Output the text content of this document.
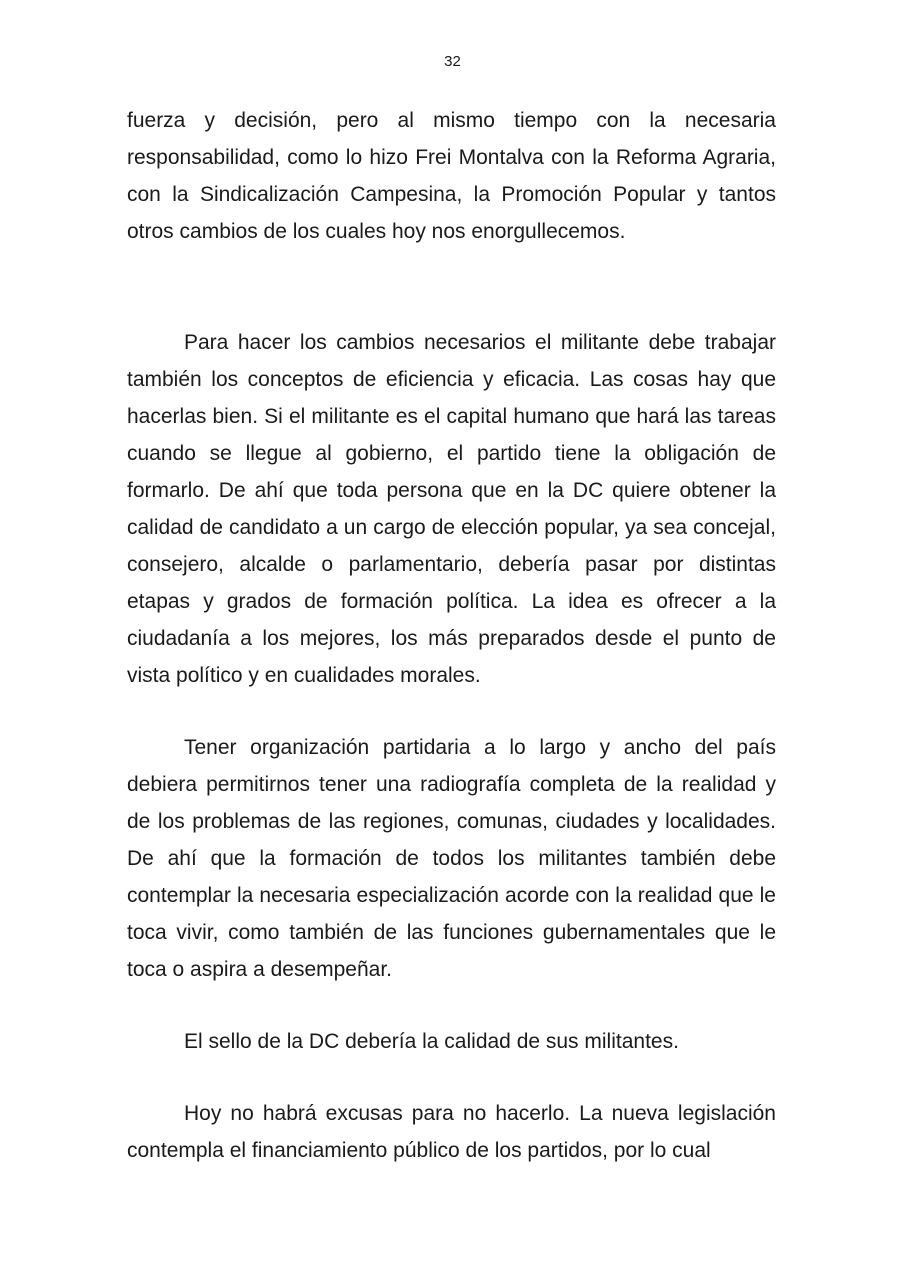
32

fuerza y decisión, pero al mismo tiempo con la necesaria responsabilidad, como lo hizo Frei Montalva con la Reforma Agraria, con la Sindicalización Campesina, la Promoción Popular y tantos otros cambios de los cuales hoy nos enorgullecemos.

Para hacer los cambios necesarios el militante debe trabajar también los conceptos de eficiencia y eficacia. Las cosas hay que hacerlas bien. Si el militante es el capital humano que hará las tareas cuando se llegue al gobierno, el partido tiene la obligación de formarlo. De ahí que toda persona que en la DC quiere obtener la calidad de candidato a un cargo de elección popular, ya sea concejal, consejero, alcalde o parlamentario, debería pasar por distintas etapas y grados de formación política. La idea es ofrecer a la ciudadanía a los mejores, los más preparados desde el punto de vista político y en cualidades morales.

Tener organización partidaria a lo largo y ancho del país debiera permitirnos tener una radiografía completa de la realidad y de los problemas de las regiones, comunas, ciudades y localidades. De ahí que la formación de todos los militantes también debe contemplar la necesaria especialización acorde con la realidad que le toca vivir, como también de las funciones gubernamentales que le toca o aspira a desempeñar.

El sello de la DC debería la calidad de sus militantes.

Hoy no habrá excusas para no hacerlo. La nueva legislación contempla el financiamiento público de los partidos, por lo cual
